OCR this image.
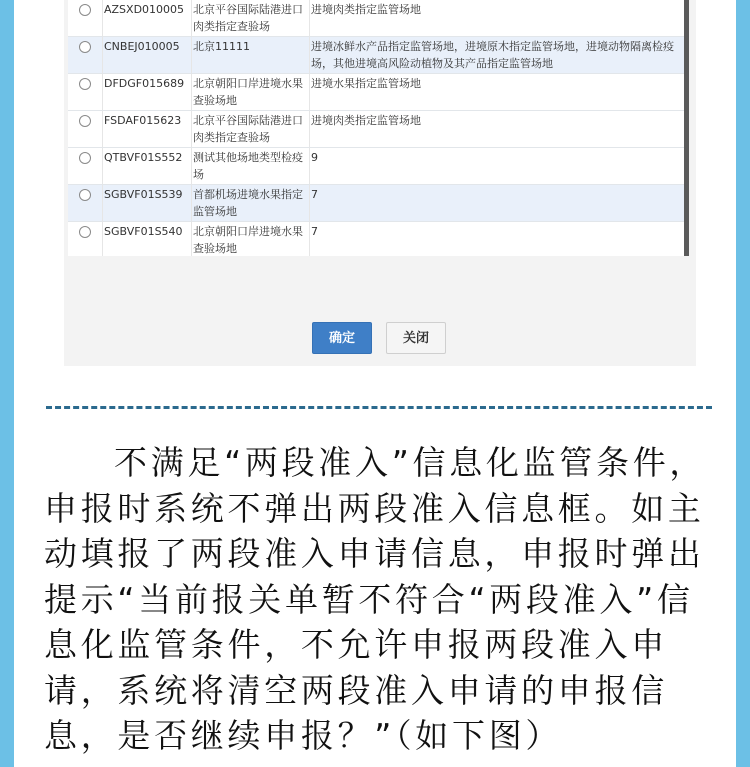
	AZSXD010005	北京平谷国际陆港进口肉类指定查验场	进境肉类指定监管场地
	CNBEJ010005	北京11111	进境冰鲜水产品指定监管场地，进境原木指定监管场地，进境动物隔离检疫场，其他进境高风险动植物及其产品指定监管场地
	DFDGF015689	北京朝阳口岸进境水果查验场地	进境水果指定监管场地
	FSDAF015623	北京平谷国际陆港进口肉类指定查验场	进境肉类指定监管场地
	QTBVF01S552	测试其他场地类型检疫场	9
	SGBVF01S539	首都机场进境水果指定监管场地	7
	SGBVF01S540	北京朝阳口岸进境水果查验场地	7
确定	关闭

不满足“两段准入”信息化监管条件，申报时系统不弹出两段准入信息框。如主动填报了两段准入申请信息，申报时弹出提示“当前报关单暂不符合“两段准入”信息化监管条件，不允许申报两段准入申请，系统将清空两段准入申请的申报信息，是否继续申报？”（如下图）
